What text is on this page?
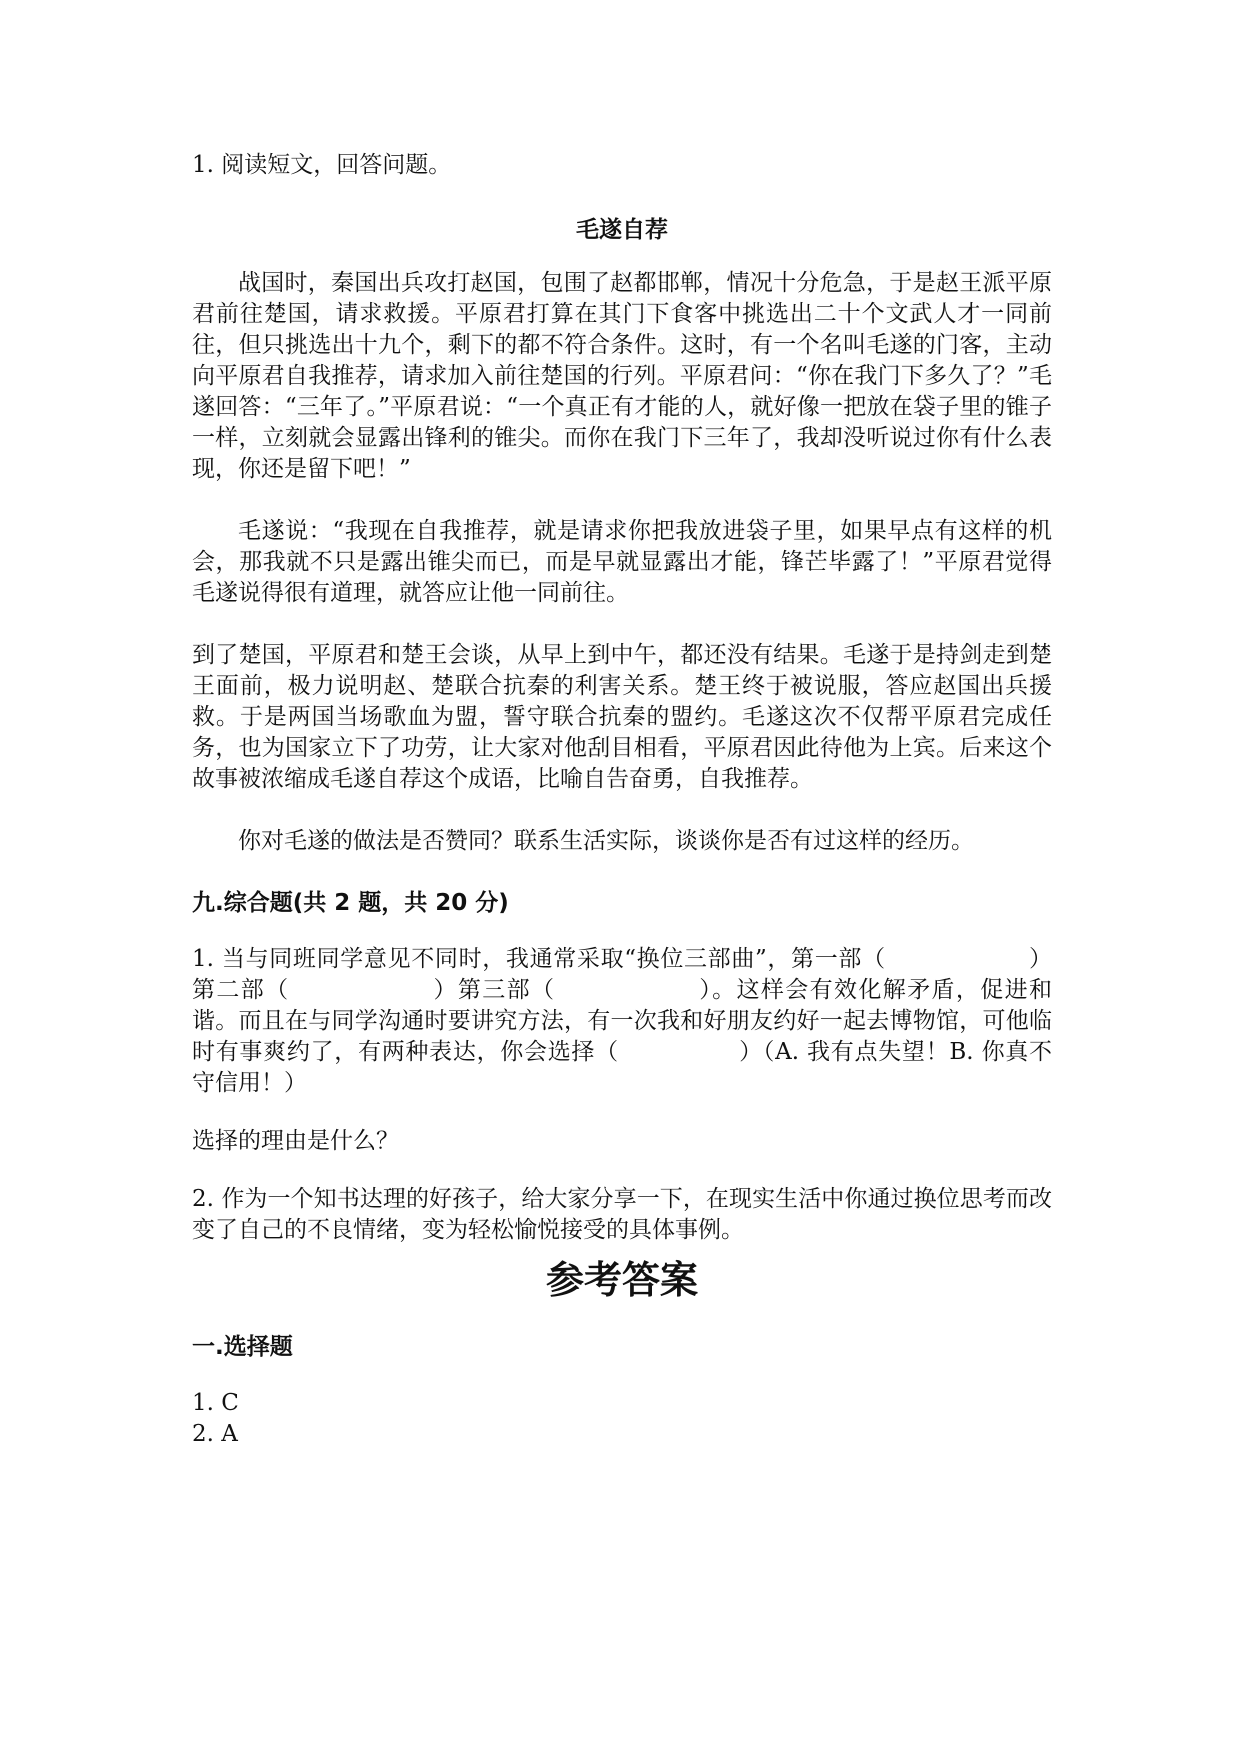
1. 阅读短文，回答问题。

毛遂自荐

战国时，秦国出兵攻打赵国，包围了赵都邯郸，情况十分危急，于是赵王派平原君前往楚国，请求救援。平原君打算在其门下食客中挑选出二十个文武人才一同前往，但只挑选出十九个，剩下的都不符合条件。这时，有一个名叫毛遂的门客，主动向平原君自我推荐，请求加入前往楚国的行列。平原君问：“你在我门下多久了？”毛遂回答：“三年了。”平原君说：“一个真正有才能的人，就好像一把放在袋子里的锥子一样，立刻就会显露出锋利的锥尖。而你在我门下三年了，我却没听说过你有什么表现，你还是留下吧！”

毛遂说：“我现在自我推荐，就是请求你把我放进袋子里，如果早点有这样的机会，那我就不只是露出锥尖而已，而是早就显露出才能，锋芒毕露了！”平原君觉得毛遂说得很有道理，就答应让他一同前往。

到了楚国，平原君和楚王会谈，从早上到中午，都还没有结果。毛遂于是持剑走到楚王面前，极力说明赵、楚联合抗秦的利害关系。楚王终于被说服，答应赵国出兵援救。于是两国当场歌血为盟，誓守联合抗秦的盟约。毛遂这次不仅帮平原君完成任务，也为国家立下了功劳，让大家对他刮目相看，平原君因此待他为上宾。后来这个故事被浓缩成毛遂自荐这个成语，比喻自告奋勇，自我推荐。

你对毛遂的做法是否赞同？联系生活实际，谈谈你是否有过这样的经历。

九.综合题(共 2 题，共 20 分)

1. 当与同班同学意见不同时，我通常采取“换位三部曲”，第一部（	）第二部（	）第三部（	）。这样会有效化解矛盾，促进和谐。而且在与同学沟通时要讲究方法，有一次我和好朋友约好一起去博物馆，可他临时有事爽约了，有两种表达，你会选择（	）（A. 我有点失望！B. 你真不守信用！）

选择的理由是什么？

2. 作为一个知书达理的好孩子，给大家分享一下，在现实生活中你通过换位思考而改变了自己的不良情绪，变为轻松愉悦接受的具体事例。

参考答案

一.选择题

1. C

2. A
